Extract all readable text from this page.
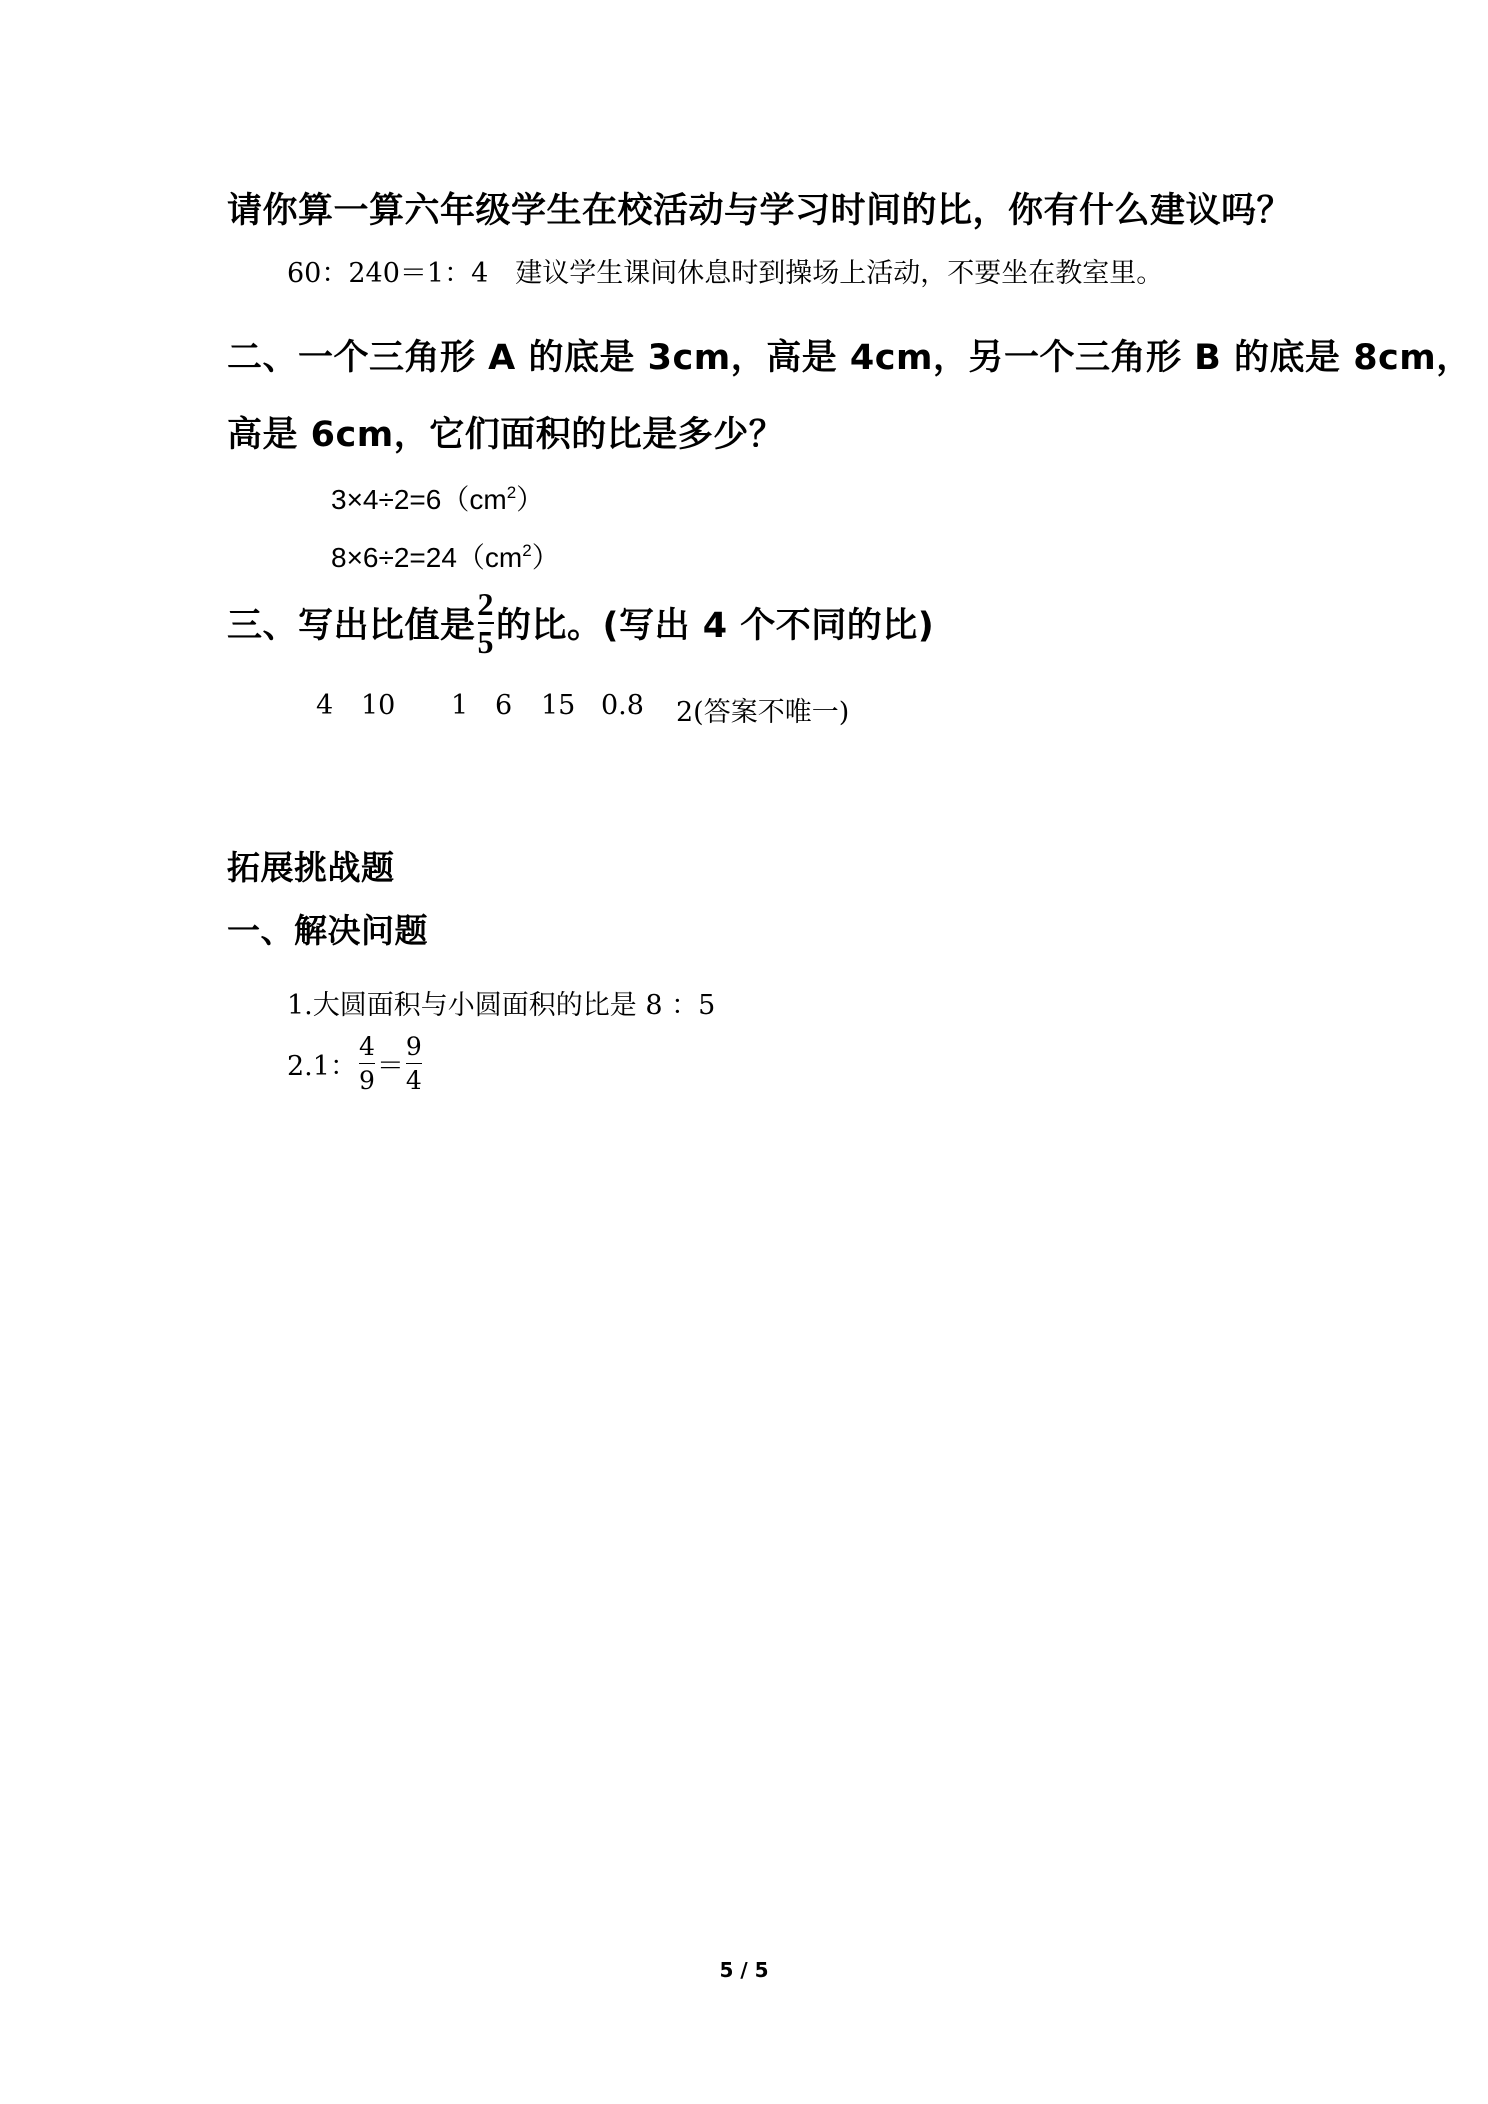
请你算一算六年级学生在校活动与学习时间的比，你有什么建议吗？
60：240＝1：4　建议学生课间休息时到操场上活动，不要坐在教室里。
二、一个三角形 A 的底是 3cm，高是 4cm，另一个三角形 B 的底是 8cm，
高是 6cm，它们面积的比是多少？
$3\times 4\div 2=6(cm^2)$
$8\times 6\div 2=24(cm^2)$
三、写出比值是 $\frac{2}{5}$ 的比。(写出 4 个不同的比)
4 10 1 6 15 0.8 2(答案不唯一)
拓展挑战题
一、解决问题
1.大圆面积与小圆面积的比是 8 ：5
2.1： $\frac{4}{9} = \frac{9}{4}$
5 / 5
